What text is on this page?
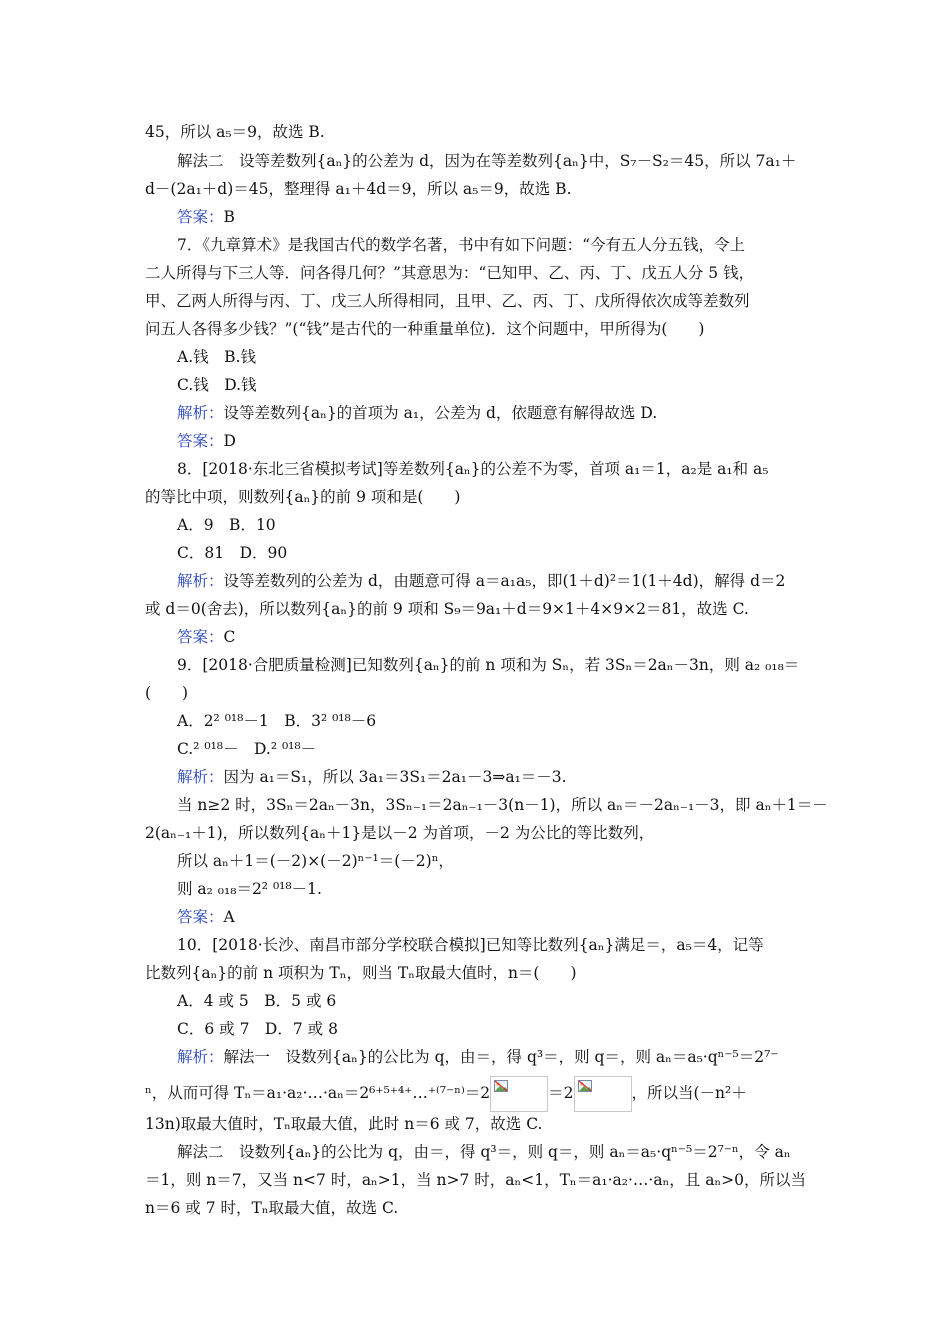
45，所以 a₅＝9，故选 B.
解法二　设等差数列{aₙ}的公差为 d，因为在等差数列{aₙ}中，S₇－S₂＝45，所以 7a₁＋
d－(2a₁＋d)＝45，整理得 a₁＋4d＝9，所以 a₅＝9，故选 B.
答案：B
7．《九章算术》是我国古代的数学名著，书中有如下问题：“今有五人分五钱，令上
二人所得与下三人等．问各得几何？”其意思为：“已知甲、乙、丙、丁、戊五人分 5 钱，
甲、乙两人所得与丙、丁、戊三人所得相同，且甲、乙、丙、丁、戊所得依次成等差数列
问五人各得多少钱？”(“钱”是古代的一种重量单位)．这个问题中，甲所得为(　　)
A.钱　B.钱
C.钱　D.钱
解析：设等差数列{aₙ}的首项为 a₁，公差为 d，依题意有解得故选 D.
答案：D
8．[2018·东北三省模拟考试]等差数列{aₙ}的公差不为零，首项 a₁＝1，a₂是 a₁和 a₅
的等比中项，则数列{aₙ}的前 9 项和是(　　)
A．9　B．10
C．81　D．90
解析：设等差数列的公差为 d，由题意可得 a＝a₁a₅，即(1＋d)²＝1(1＋4d)，解得 d＝2
或 d＝0(舍去)，所以数列{aₙ}的前 9 项和 S₉＝9a₁＋d＝9×1＋4×9×2＝81，故选 C.
答案：C
9．[2018·合肥质量检测]已知数列{aₙ}的前 n 项和为 Sₙ，若 3Sₙ＝2aₙ－3n，则 a₂ ₀₁₈＝
(　　)
A．2² ⁰¹⁸－1　B．3² ⁰¹⁸－6
C.² ⁰¹⁸－　D.² ⁰¹⁸－
解析：因为 a₁＝S₁，所以 3a₁＝3S₁＝2a₁－3⇒a₁＝－3.
当 n≥2 时，3Sₙ＝2aₙ－3n，3Sₙ₋₁＝2aₙ₋₁－3(n－1)，所以 aₙ＝－2aₙ₋₁－3，即 aₙ＋1＝－
2(aₙ₋₁＋1)，所以数列{aₙ＋1}是以－2 为首项，－2 为公比的等比数列，
所以 aₙ＋1＝(－2)×(－2)ⁿ⁻¹＝(－2)ⁿ，
则 a₂ ₀₁₈＝2² ⁰¹⁸－1.
答案：A
10．[2018·长沙、南昌市部分学校联合模拟]已知等比数列{aₙ}满足＝，a₅＝4，记等
比数列{aₙ}的前 n 项积为 Tₙ，则当 Tₙ取最大值时，n＝(　　)
A．4 或 5　B．5 或 6
C．6 或 7　D．7 或 8
解析：解法一　设数列{aₙ}的公比为 q，由＝，得 q³＝，则 q＝，则 aₙ＝a₅·qⁿ⁻⁵＝2⁷⁻
ⁿ，从而可得 Tₙ＝a₁·a₂·…·aₙ＝2⁶⁺⁵⁺⁴⁺…⁺⁽⁷⁻ⁿ⁾＝2	＝2	，所以当(－n²＋
13n)取最大值时，Tₙ取最大值，此时 n＝6 或 7，故选 C.
解法二　设数列{aₙ}的公比为 q，由＝，得 q³＝，则 q＝，则 aₙ＝a₅·qⁿ⁻⁵＝2⁷⁻ⁿ，令 aₙ
＝1，则 n＝7，又当 n<7 时，aₙ>1，当 n>7 时，aₙ<1，Tₙ＝a₁·a₂·…·aₙ，且 aₙ>0，所以当
n＝6 或 7 时，Tₙ取最大值，故选 C.
